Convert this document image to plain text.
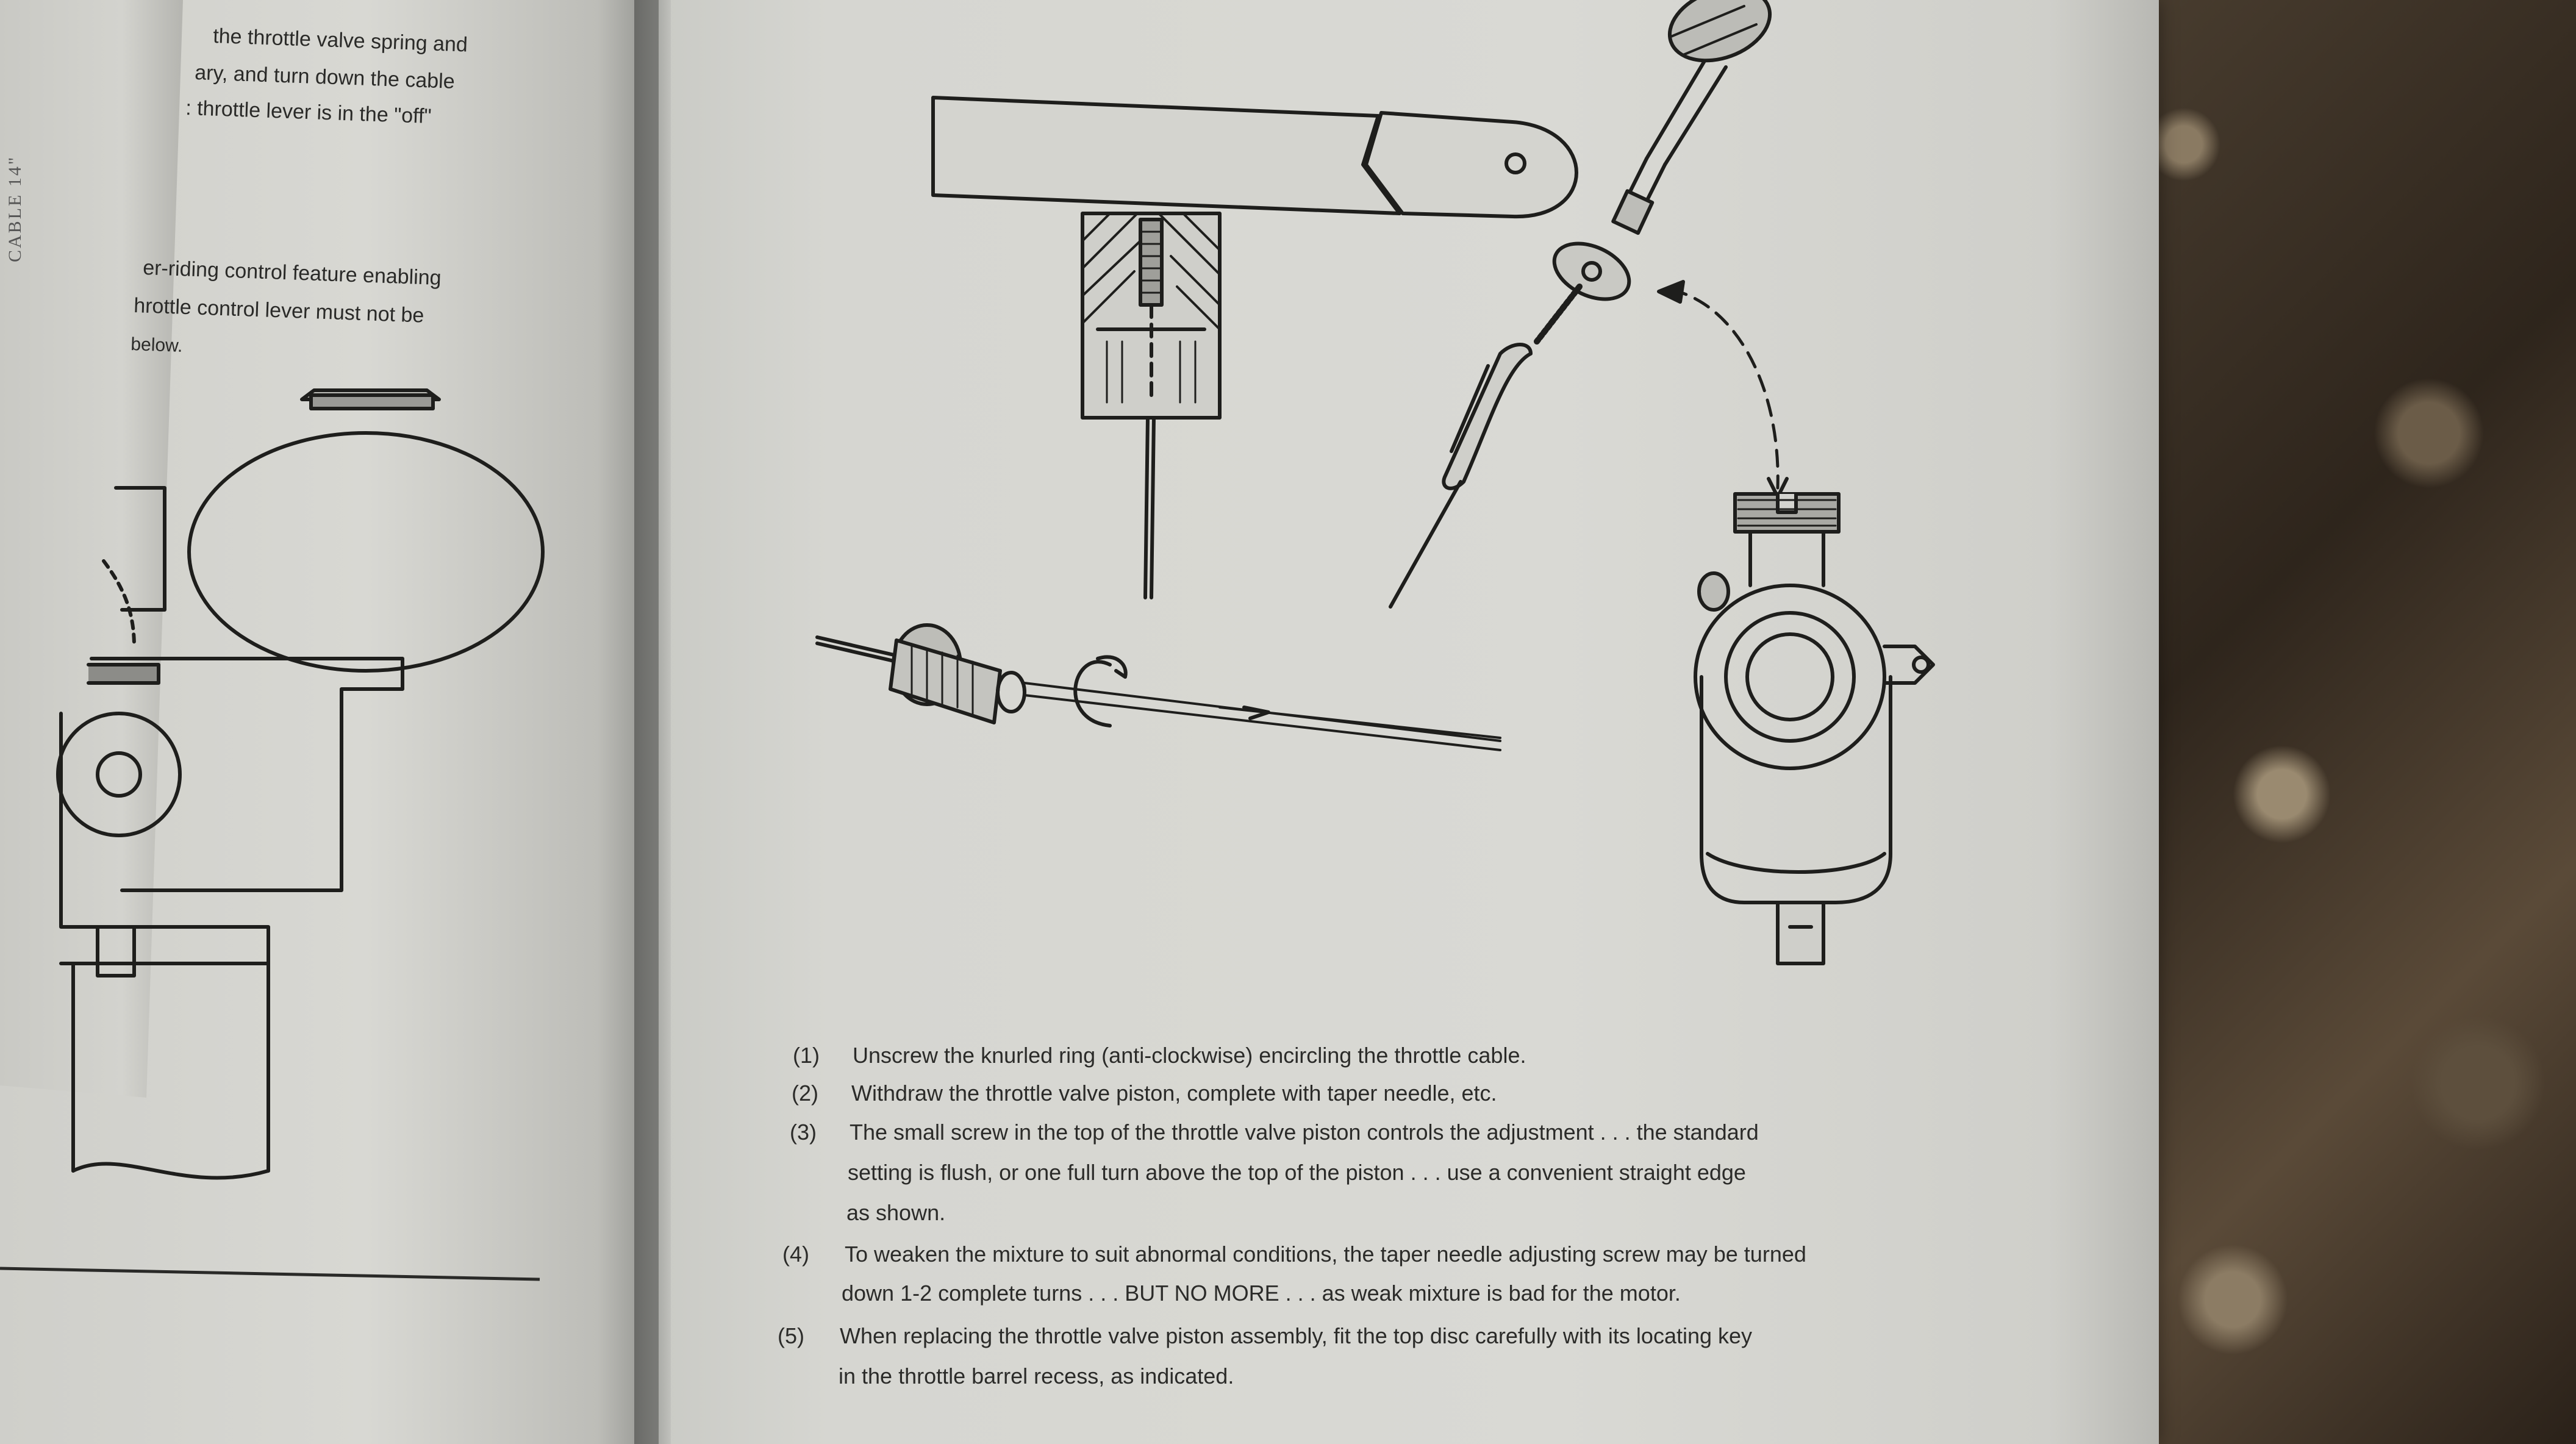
CABLE 14"
the throttle valve spring and
ary, and turn down the cable
: throttle lever is in the "off"
er-riding control feature enabling
hrottle control lever must not be
below.
(1) Unscrew the knurled ring (anti-clockwise) encircling the throttle cable.
(2) Withdraw the throttle valve piston, complete with taper needle, etc.
(3) The small screw in the top of the throttle valve piston controls the adjustment . . . the standard
setting is flush, or one full turn above the top of the piston . . . use a convenient straight edge
as shown.
(4) To weaken the mixture to suit abnormal conditions, the taper needle adjusting screw may be turned
down 1-2 complete turns . . . BUT NO MORE . . . as weak mixture is bad for the motor.
(5) When replacing the throttle valve piston assembly, fit the top disc carefully with its locating key
in the throttle barrel recess, as indicated.
